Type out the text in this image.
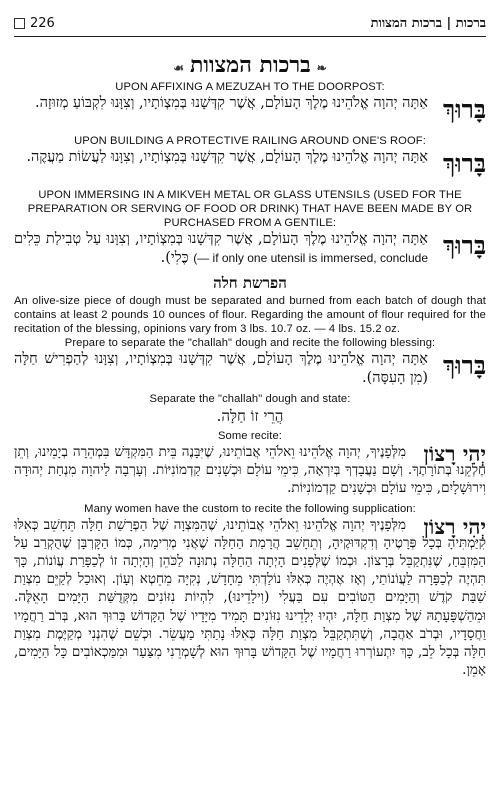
226	ברכות | ברכות המצוות
❧ברכות המצוות☙
UPON AFFIXING A MEZUZAH TO THE DOORPOST:
בָּרוּךְ
אַתָּה יְהוָה אֱלֹהֵינוּ מֶלֶךְ הָעוֹלָם, אֲשֶׁר קִדְּשָׁנוּ בְּמִצְוֹתָיו, וְצִוָּנוּ לִקְבּוֹעַ מְזוּזָה.
UPON BUILDING A PROTECTIVE RAILING AROUND ONE'S ROOF:
בָּרוּךְ
אַתָּה יְהוָה אֱלֹהֵינוּ מֶלֶךְ הָעוֹלָם, אֲשֶׁר קִדְּשָׁנוּ בְּמִצְוֹתָיו, וְצִוָּנוּ לַעֲשׂוֹת מַעֲקֶה.
UPON IMMERSING IN A MIKVEH METAL OR GLASS UTENSILS (USED FOR THE PREPARATION OR SERVING OF FOOD OR DRINK) THAT HAVE BEEN MADE BY OR PURCHASED FROM A GENTILE:
בָּרוּךְ
אַתָּה יְהוָה אֱלֹהֵינוּ מֶלֶךְ הָעוֹלָם, אֲשֶׁר קִדְּשָׁנוּ בְּמִצְוֹתָיו, וְצִוָּנוּ עַל טְבִילַת כֵּלִים (— if only one utensil is immersed, conclude כֶּלִי).
הפרשת חלה
An olive-size piece of dough must be separated and burned from each batch of dough that contains at least 2 pounds 10 ounces of flour. Regarding the amount of flour required for the recitation of the blessing, opinions vary from 3 lbs. 10.7 oz. — 4 lbs. 15.2 oz.
Prepare to separate the "challah" dough and recite the following blessing:
בָּרוּךְ
אַתָּה יְהוָה אֱלֹהֵינוּ מֶלֶךְ הָעוֹלָם, אֲשֶׁר קִדְּשָׁנוּ בְּמִצְוֹתָיו, וְצִוָּנוּ לְהַפְרִישׁ חַלָּה (מִן הָעִסָּה).
Separate the "challah" dough and state:
הֲרֵי זוֹ חַלָּה.
Some recite:
יְהִי רָצוֹן
מִלְּפָנֶיךָ, יְהוָה אֱלֹהֵינוּ וֵאלֹהֵי אֲבוֹתֵינוּ, שֶׁיִּבָּנֶה בֵּית הַמִּקְדָּשׁ בִּמְהֵרָה בְיָמֵינוּ, וְתֵן חֶלְקֵנוּ בְּתוֹרָתֶךָ. וְשָׁם נַעֲבָדְךָ בְּיִרְאָה, כִּימֵי עוֹלָם וּכְשָׁנִים קַדְמוֹנִיּוֹת. וְעָרְבָה לַיהוָה מִנְחַת יְהוּדָה וִירוּשָׁלָיִם, כִּימֵי עוֹלָם וּכְשָׁנִים קַדְמוֹנִיּוֹת.
Many women have the custom to recite the following supplication:
יְהִי רָצוֹן
מִלְּפָנֶיךָ יְהוָה אֱלֹהֵינוּ וֵאלֹהֵי אֲבוֹתֵינוּ, שֶׁהַמִּצְוָה שֶׁל הַפְרָשַׁת חַלָּה תֵּחָשֵׁב כְּאִלּוּ קִיַּמְתִּיהָ בְּכָל פְּרָטֶיהָ וְדִקְדּוּקֶיהָ, וְתֵחָשֵׁב הֲרָמַת הַחַלָּה שֶׁאֲנִי מְרִימָה, כְּמוֹ הַקָּרְבָּן שֶׁהֻקְרַב עַל הַמִּזְבֵּחַ, שֶׁנִּתְקַבֵּל בְּרָצוֹן. וּכְמוֹ שֶׁלְּפָנִים הָיְתָה הַחַלָּה נְתוּנָה לַכֹּהֵן וְהָיְתָה זוֹ לְכַפָּרַת עֲוֹנוֹת, כָּךְ תִּהְיֶה לְכַפָּרָה לַעֲוֹנוֹתַי, וְאָז אֶהְיֶה כְּאִלּוּ נוֹלַדְתִּי מֵחָדָשׁ, נְקִיָּה מֵחֵטְא וְעָוֹן. וְאוּכַל לְקַיֵּם מִצְוַת שַׁבַּת קֹדֶשׁ וְהַיָּמִים הַטּוֹבִים עִם בַּעֲלִי (וִילָדֵינוּ), לִהְיוֹת נִזּוֹנִים מִקְּדֻשַּׁת הַיָּמִים הָאֵלֶּה. וּמֵהַשְׁפָּעָתָהּ שֶׁל מִצְוַת חַלָּה, יִהְיוּ יְלָדֵינוּ נִזּוֹנִים תָּמִיד מִיָּדָיו שֶׁל הַקָּדוֹשׁ בָּרוּךְ הוּא, בְּרֹב רַחֲמָיו וַחֲסָדָיו, וּבְרֹב אַהֲבָה, וְשֶׁתִּתְקַבֵּל מִצְוַת חַלָּה כְּאִלּוּ נָתַתִּי מַעֲשֵׂר. וּכְשֵׁם שֶׁהִנְנִי מְקַיֶּמֶת מִצְוַת חַלָּה בְּכָל לֵב, כָּךְ יִתְעוֹרְרוּ רַחֲמָיו שֶׁל הַקָּדוֹשׁ בָּרוּךְ הוּא לְשָׁמְרֵנִי מִצַּעַר וּמִמַּכְאוֹבִים כָּל הַיָּמִים, אָמֵן.
